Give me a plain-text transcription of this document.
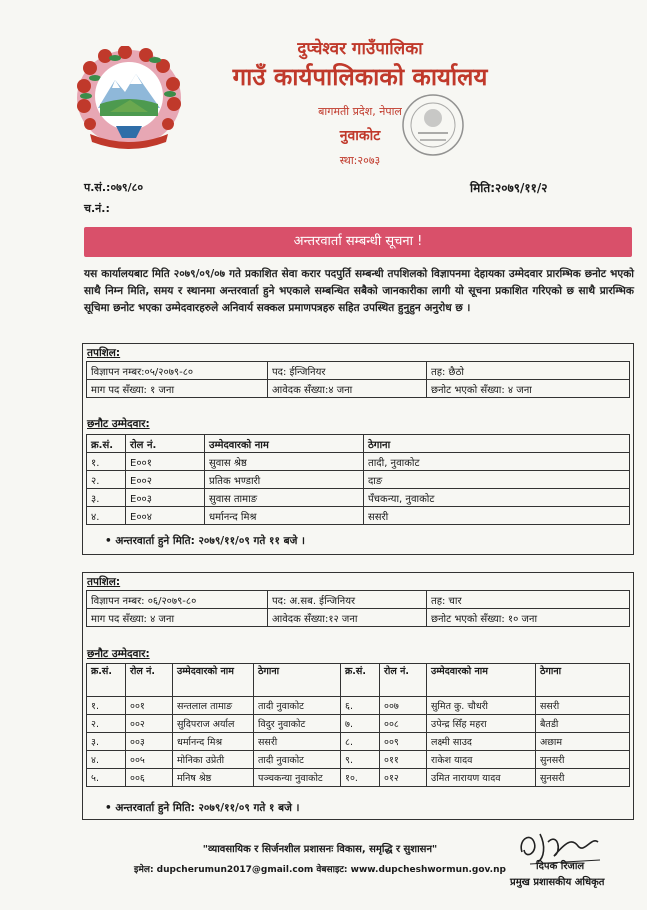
दुप्चेश्वर गाउँपालिका
गाउँ कार्यपालिकाको कार्यालय
बागमती प्रदेश, नेपाल
नुवाकोट
स्था:२०७३
प.सं.:०७९/८०
च.नं.:
मिति:२०७९/११/२
अन्तरवार्ता सम्बन्धी सूचना !
यस कार्यालयबाट मिति २०७९/०९/०७ गते प्रकाशित सेवा करार पदपुर्ति सम्बन्धी तपशिलको विज्ञापनमा देहायका उम्मेदवार प्रारम्भिक छनोट भएको साथै निम्न मिति, समय र स्थानमा अन्तरवार्ता हुने भएकाले सम्बन्धित सबैको जानकारीका लागी यो सूचना प्रकाशित गरिएको छ साथै प्रारम्भिक सूचिमा छनोट भएका उम्मेदवारहरुले अनिवार्य सक्कल प्रमाणपत्रहरु सहित उपस्थित हुनुहुन अनुरोध छ ।
तपशिल:
विज्ञापन नम्बर:०५/२०७९-८०	पद: ईन्जिनियर	तह: छैठो
माग पद सँख्या: १ जना	आवेदक सँख्या:४ जना	छनोट भएको सँख्या: ४ जना
छनौट उम्मेदवार:
क्र.सं.	रोल नं.	उम्मेदवारको नाम	ठेगाना
१.	E००१	सुवास श्रेष्ठ	तादी, नुवाकोट
२.	E००२	प्रतिक भण्डारी	दाङ
३.	E००३	सुवास तामाङ	पँचकन्या, नुवाकोट
४.	E००४	धर्मानन्द मिश्र	ससरी
• अन्तरवार्ता हुने मिति: २०७९/११/०९ गते ११ बजे ।
तपशिल:
विज्ञापन नम्बर: ०६/२०७९-८०	पद: अ.सब. ईन्जिनियर	तह: चार
माग पद सँख्या: ४ जना	आवेदक सँख्या:१२ जना	छनोट भएको सँख्या: १० जना
छनौट उम्मेदवार:
क्र.सं.	रोल नं.	उम्मेदवारको नाम	ठेगाना	क्र.सं.	रोल नं.	उम्मेदवारको नाम	ठेगाना
१.	००१	सन्तलाल तामाङ	तादी नुवाकोट	६.	००७	सुमित कु. चौधरी	ससरी
२.	००२	सुदिपराज अर्याल	विदुर नुवाकोट	७.	००८	उपेन्द्र सिँह महरा	बैतडी
३.	००३	धर्मानन्द मिश्र	ससरी	८.	००९	लक्ष्मी साउद	अछाम
४.	००५	मोनिका उप्रेती	तादी नुवाकोट	९.	०११	राकेश यादव	सुनसरी
५.	००६	मनिष श्रेष्ठ	पञ्चकन्या नुवाकोट	१०.	०१२	उमित नारायण यादव	सुनसरी
• अन्तरवार्ता हुने मिति: २०७९/११/०९ गते १ बजे ।
"व्यावसायिक र सिर्जनशील प्रशासनः विकास, समृद्धि र सुशासन"
इमेल: dupcherumun2017@gmail.com वेबसाइट: www.dupcheshwormun.gov.np	दिपक रिजाल
प्रमुख प्रशासकीय अधिकृत
